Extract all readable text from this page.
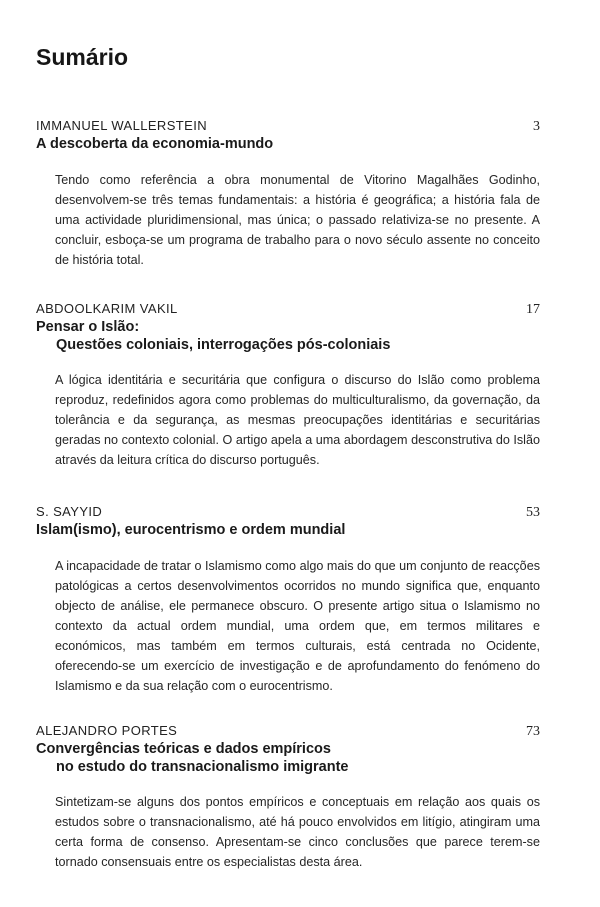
Sumário
IMMANUEL WALLERSTEIN	3
A descoberta da economia-mundo

Tendo como referência a obra monumental de Vitorino Magalhães Godinho, desenvolvem-se três temas fundamentais: a história é geográfica; a história fala de uma actividade pluridimensional, mas única; o passado relativiza-se no presente. A concluir, esboça-se um programa de trabalho para o novo século assente no conceito de história total.

ABDOOLKARIM VAKIL	17
Pensar o Islão:
Questões coloniais, interrogações pós-coloniais

A lógica identitária e securitária que configura o discurso do Islão como problema reproduz, redefinidos agora como problemas do multiculturalismo, da governação, da tolerância e da segurança, as mesmas preocupações identitárias e securitárias geradas no contexto colonial. O artigo apela a uma abordagem desconstrutiva do Islão através da leitura crítica do discurso português.

S. SAYYID	53
Islam(ismo), eurocentrismo e ordem mundial

A incapacidade de tratar o Islamismo como algo mais do que um conjunto de reacções patológicas a certos desenvolvimentos ocorridos no mundo significa que, enquanto objecto de análise, ele permanece obscuro. O presente artigo situa o Islamismo no contexto da actual ordem mundial, uma ordem que, em termos militares e económicos, mas também em termos culturais, está centrada no Ocidente, oferecendo-se um exercício de investigação e de aprofundamento do fenómeno do Islamismo e da sua relação com o eurocentrismo.

ALEJANDRO PORTES	73
Convergências teóricas e dados empíricos
no estudo do transnacionalismo imigrante

Sintetizam-se alguns dos pontos empíricos e conceptuais em relação aos quais os estudos sobre o transnacionalismo, até há pouco envolvidos em litígio, atingiram uma certa forma de consenso. Apresentam-se cinco conclusões que parece terem-se tornado consensuais entre os especialistas desta área.
